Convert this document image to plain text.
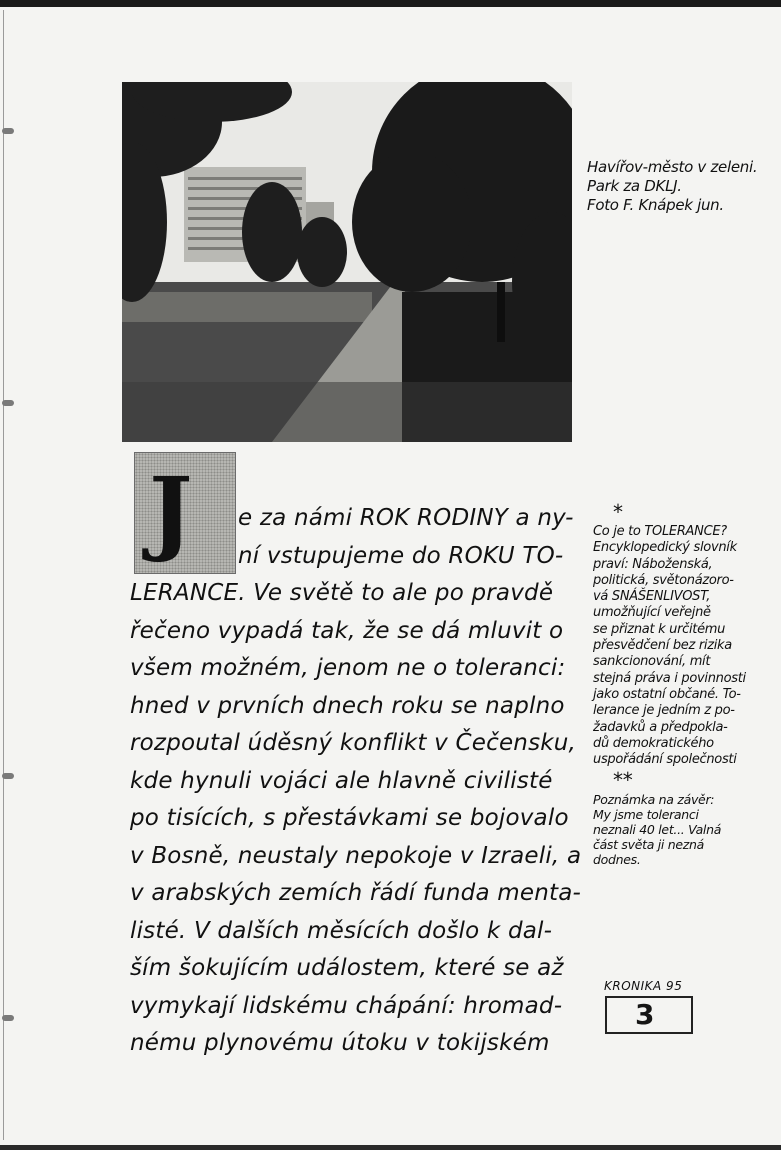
Havířov-město v zeleni.
Park za DKLJ.
Foto F. Knápek jun.
J	e za námi ROK RODINY a ny-
ní vstupujeme do ROKU TO-
LERANCE. Ve světě to ale po pravdě
řečeno vypadá tak, že se dá mluvit o
všem možném, jenom ne o toleranci:
hned v prvních dnech roku se naplno
rozpoutal úděsný konflikt v Čečensku,
kde hynuli vojáci ale hlavně civilisté
po tisících, s přestávkami se bojovalo
v Bosně, neustaly nepokoje v Izraeli, a
v arabských zemích řádí funda menta-
listé. V dalších měsících došlo k dal-
ším šokujícím událostem, které se až
vymykají lidskému chápání: hromad-
nému plynovému útoku v tokijském
*
Co je to TOLERANCE?
Encyklopedický slovník
praví: Náboženská,
politická, světonázoro-
vá SNÁŠENLIVOST,
umožňující veřejně
se přiznat k určitému
přesvědčení bez rizika
sankcionování, mít
stejná práva i povinnosti
jako ostatní občané. To-
lerance je jedním z po-
žadavků a předpokla-
dů demokratického
uspořádání společnosti
**
Poznámka na závěr:
My jsme toleranci
neznali 40 let... Valná
část světa ji nezná
dodnes.
KRONIKA 95
3
